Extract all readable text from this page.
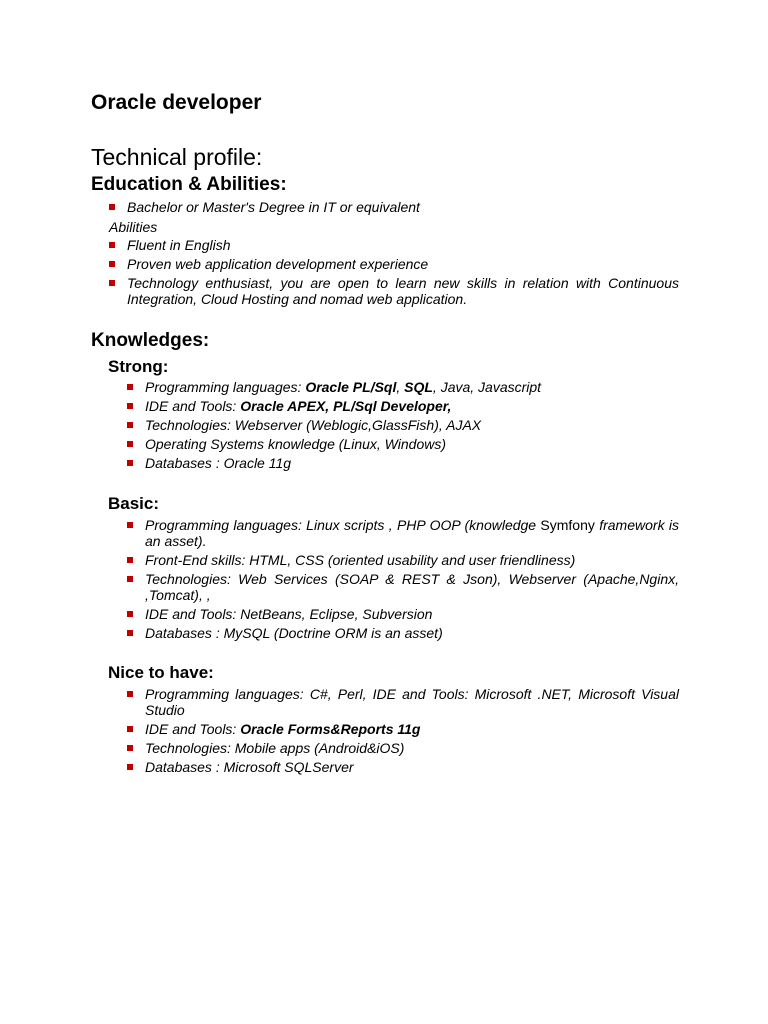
Oracle developer
Technical profile:
Education & Abilities:
Bachelor or Master's Degree in IT or equivalent

Abilities

Fluent in English
Proven web application development experience
Technology enthusiast, you are open to learn new skills in relation with Continuous Integration, Cloud Hosting and nomad web application.
Knowledges:
Strong:
Programming languages: Oracle PL/Sql, SQL, Java, Javascript
IDE and Tools: Oracle APEX, PL/Sql Developer,
Technologies: Webserver (Weblogic,GlassFish), AJAX
Operating Systems knowledge (Linux, Windows)
Databases : Oracle 11g
Basic:
Programming languages: Linux scripts , PHP OOP (knowledge Symfony framework is an asset).
Front-End skills: HTML, CSS (oriented usability and user friendliness)
Technologies: Web Services (SOAP & REST & Json), Webserver (Apache,Nginx, ,Tomcat), ,
IDE and Tools: NetBeans, Eclipse, Subversion
Databases : MySQL (Doctrine ORM is an asset)
Nice to have:
Programming languages: C#, Perl, IDE and Tools: Microsoft .NET, Microsoft Visual Studio
IDE and Tools: Oracle Forms&Reports 11g
Technologies: Mobile apps (Android&iOS)
Databases : Microsoft SQLServer
